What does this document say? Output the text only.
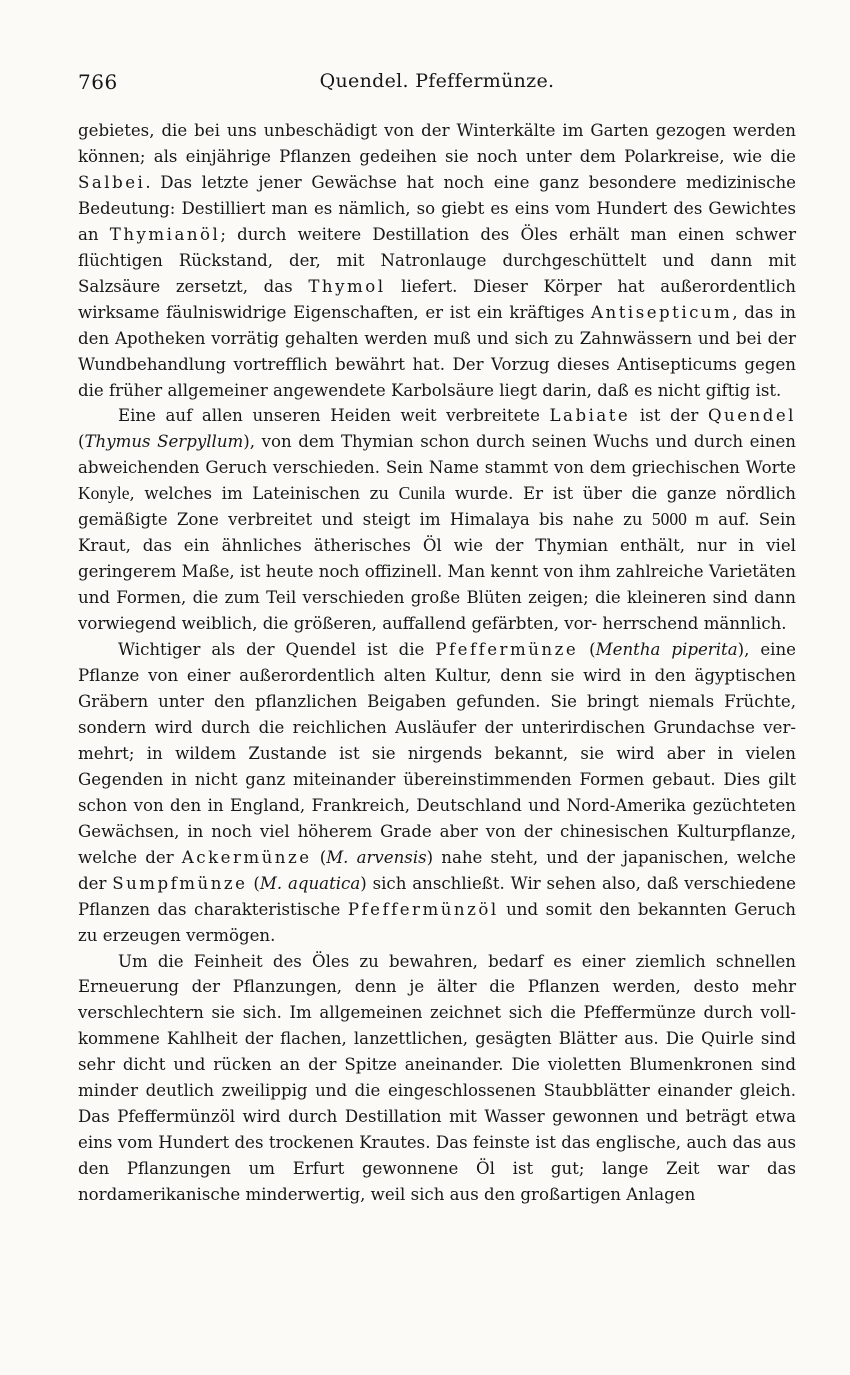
766	Quendel. Pfeffermünze.

gebietes, die bei uns unbeschädigt von der Winterkälte im Garten gezogen werden können; als einjährige Pflanzen gedeihen sie noch unter dem Polarkreise, wie die Salbei. Das letzte jener Gewächse hat noch eine ganz besondere medizinische Bedeutung: Destilliert man es nämlich, so giebt es eins vom Hundert des Gewichtes an Thymianöl; durch weitere Destillation des Öles erhält man einen schwer flüchtigen Rückstand, der, mit Natronlauge durchgeschüttelt und dann mit Salzsäure zersetzt, das Thymol liefert. Dieser Körper hat außerordentlich wirksame fäulniswidrige Eigenschaften, er ist ein kräftiges Antisepticum, das in den Apotheken vorrätig gehalten werden muß und sich zu Zahnwässern und bei der Wundbehandlung vortrefflich bewährt hat. Der Vorzug dieses Antisepticums gegen die früher allgemeiner angewendete Karbolsäure liegt darin, daß es nicht giftig ist.

Eine auf allen unseren Heiden weit verbreitete Labiate ist der Quendel (Thymus Serpyllum), von dem Thymian schon durch seinen Wuchs und durch einen abweichenden Geruch verschieden. Sein Name stammt von dem griechischen Worte Konyle, welches im Lateinischen zu Cunila wurde. Er ist über die ganze nördlich gemäßigte Zone verbreitet und steigt im Himalaya bis nahe zu 5000 m auf. Sein Kraut, das ein ähnliches ätherisches Öl wie der Thymian enthält, nur in viel geringerem Maße, ist heute noch offizinell. Man kennt von ihm zahlreiche Varietäten und Formen, die zum Teil verschieden große Blüten zeigen; die kleineren sind dann vorwiegend weiblich, die größeren, auffallend gefärbten, vor- herrschend männlich.

Wichtiger als der Quendel ist die Pfeffermünze (Mentha piperita), eine Pflanze von einer außerordentlich alten Kultur, denn sie wird in den ägyptischen Gräbern unter den pflanzlichen Beigaben gefunden. Sie bringt niemals Früchte, sondern wird durch die reichlichen Ausläufer der unterirdischen Grundachse ver- mehrt; in wildem Zustande ist sie nirgends bekannt, sie wird aber in vielen Gegenden in nicht ganz miteinander übereinstimmenden Formen gebaut. Dies gilt schon von den in England, Frankreich, Deutschland und Nord-Amerika gezüchteten Gewächsen, in noch viel höherem Grade aber von der chinesischen Kulturpflanze, welche der Ackermünze (M. arvensis) nahe steht, und der japanischen, welche der Sumpfmünze (M. aquatica) sich anschließt. Wir sehen also, daß verschiedene Pflanzen das charakteristische Pfeffermünzöl und somit den bekannten Geruch zu erzeugen vermögen.

Um die Feinheit des Öles zu bewahren, bedarf es einer ziemlich schnellen Erneuerung der Pflanzungen, denn je älter die Pflanzen werden, desto mehr verschlechtern sie sich. Im allgemeinen zeichnet sich die Pfeffermünze durch voll- kommene Kahlheit der flachen, lanzettlichen, gesägten Blätter aus. Die Quirle sind sehr dicht und rücken an der Spitze aneinander. Die violetten Blumenkronen sind minder deutlich zweilippig und die eingeschlossenen Staubblätter einander gleich. Das Pfeffermünzöl wird durch Destillation mit Wasser gewonnen und beträgt etwa eins vom Hundert des trockenen Krautes. Das feinste ist das englische, auch das aus den Pflanzungen um Erfurt gewonnene Öl ist gut; lange Zeit war das nordamerikanische minderwertig, weil sich aus den großartigen Anlagen
